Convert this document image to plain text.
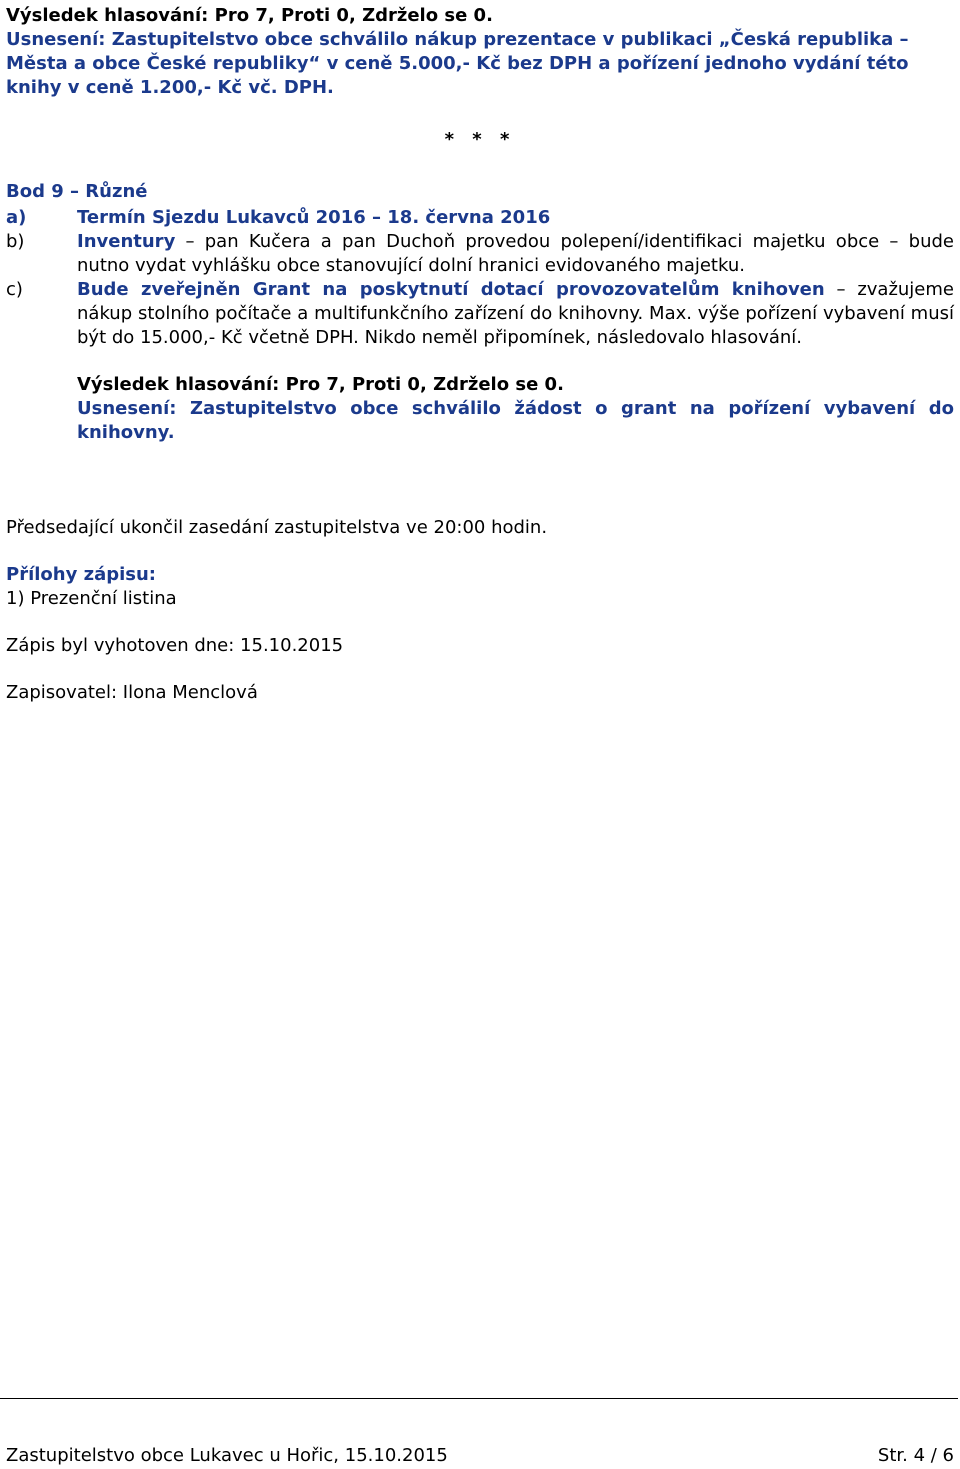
Výsledek hlasování: Pro 7, Proti 0, Zdrželo se 0.

Usnesení: Zastupitelstvo obce schválilo nákup prezentace v publikaci „Česká republika – Města a obce České republiky“ v ceně 5.000,- Kč bez DPH a pořízení jednoho vydání této knihy v ceně 1.200,- Kč vč. DPH.

* * *

Bod 9 – Různé

a)	Termín Sjezdu Lukavců 2016 – 18. června 2016
b)	Inventury – pan Kučera a pan Duchoň provedou polepení/identifikaci majetku obce – bude nutno vydat vyhlášku obce stanovující dolní hranici evidovaného majetku.
c)	Bude zveřejněn Grant na poskytnutí dotací provozovatelům knihoven – zvažujeme nákup stolního počítače a multifunkčního zařízení do knihovny. Max. výše pořízení vybavení musí být do 15.000,- Kč včetně DPH. Nikdo neměl připomínek, následovalo hlasování.

Výsledek hlasování: Pro 7, Proti 0, Zdrželo se 0.

Usnesení: Zastupitelstvo obce schválilo žádost o grant na pořízení vybavení do knihovny.

Předsedající ukončil zasedání zastupitelstva ve 20:00 hodin.

Přílohy zápisu:

1) Prezenční listina

Zápis byl vyhotoven dne: 15.10.2015

Zapisovatel: Ilona Menclová

Zastupitelstvo obce Lukavec u Hořic, 15.10.2015	Str. 4 / 6
